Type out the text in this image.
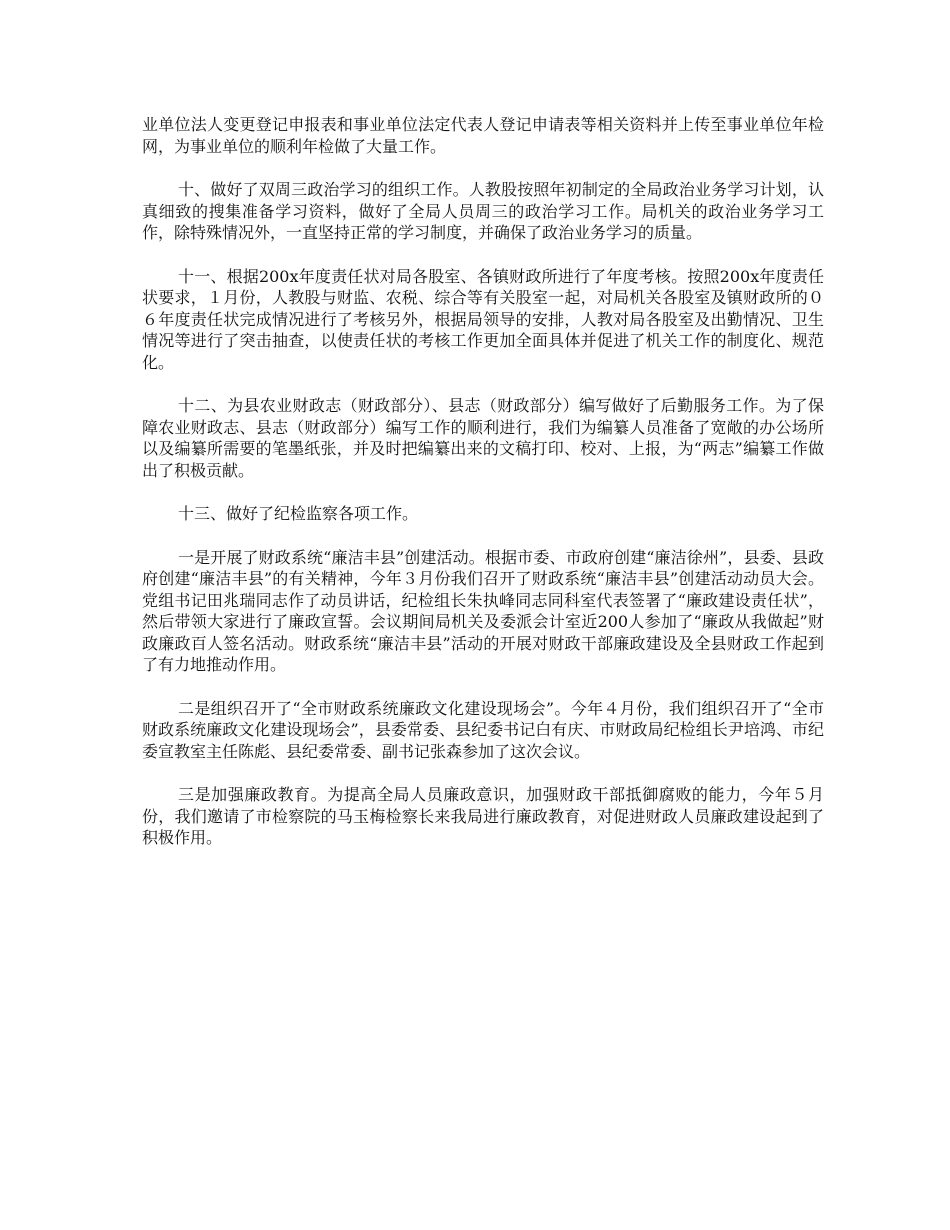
业单位法人变更登记申报表和事业单位法定代表人登记申请表等相关资料并上传至事业单位年检网，为事业单位的顺利年检做了大量工作。

十、做好了双周三政治学习的组织工作。人教股按照年初制定的全局政治业务学习计划，认真细致的搜集准备学习资料，做好了全局人员周三的政治学习工作。局机关的政治业务学习工作，除特殊情况外，一直坚持正常的学习制度，并确保了政治业务学习的质量。

十一、根据200x年度责任状对局各股室、各镇财政所进行了年度考核。按照200x年度责任状要求，１月份，人教股与财监、农税、综合等有关股室一起，对局机关各股室及镇财政所的０６年度责任状完成情况进行了考核另外，根据局领导的安排，人教对局各股室及出勤情况、卫生情况等进行了突击抽查，以使责任状的考核工作更加全面具体并促进了机关工作的制度化、规范化。

十二、为县农业财政志（财政部分）、县志（财政部分）编写做好了后勤服务工作。为了保障农业财政志、县志（财政部分）编写工作的顺利进行，我们为编纂人员准备了宽敞的办公场所以及编纂所需要的笔墨纸张，并及时把编纂出来的文稿打印、校对、上报，为“两志”编纂工作做出了积极贡献。

十三、做好了纪检监察各项工作。

一是开展了财政系统“廉洁丰县”创建活动。根据市委、市政府创建“廉洁徐州”，县委、县政府创建“廉洁丰县”的有关精神，今年３月份我们召开了财政系统“廉洁丰县”创建活动动员大会。党组书记田兆瑞同志作了动员讲话，纪检组长朱执峰同志同科室代表签署了“廉政建设责任状”，然后带领大家进行了廉政宣誓。会议期间局机关及委派会计室近200人参加了“廉政从我做起”财政廉政百人签名活动。财政系统“廉洁丰县”活动的开展对财政干部廉政建设及全县财政工作起到了有力地推动作用。

二是组织召开了“全市财政系统廉政文化建设现场会”。今年４月份，我们组织召开了“全市财政系统廉政文化建设现场会”，县委常委、县纪委书记白有庆、市财政局纪检组长尹培鸿、市纪委宣教室主任陈彪、县纪委常委、副书记张森参加了这次会议。

三是加强廉政教育。为提高全局人员廉政意识，加强财政干部抵御腐败的能力，今年５月份，我们邀请了市检察院的马玉梅检察长来我局进行廉政教育，对促进财政人员廉政建设起到了积极作用。
